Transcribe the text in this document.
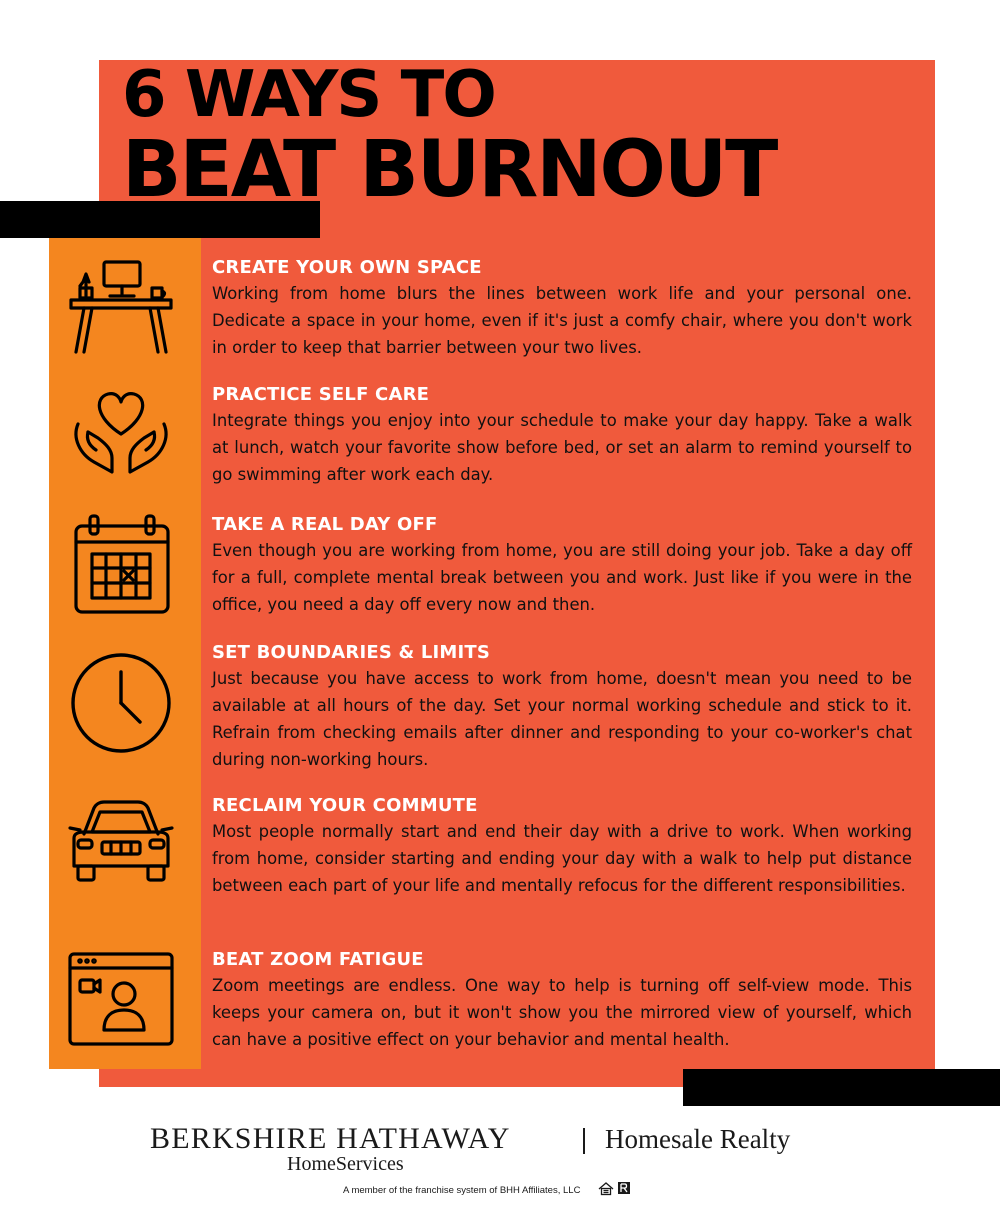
6 WAYS TO
BEAT BURNOUT
CREATE YOUR OWN SPACE

Working from home blurs the lines between work life and your personal one. Dedicate a space in your home, even if it's just a comfy chair, where you don't work in order to keep that barrier between your two lives.

PRACTICE SELF CARE

Integrate things you enjoy into your schedule to make your day happy. Take a walk at lunch, watch your favorite show before bed, or set an alarm to remind yourself to go swimming after work each day.

TAKE A REAL DAY OFF

Even though you are working from home, you are still doing your job. Take a day off for a full, complete mental break between you and work. Just like if you were in the office, you need a day off every now and then.

SET BOUNDARIES & LIMITS

Just because you have access to work from home, doesn't mean you need to be available at all hours of the day. Set your normal working schedule and stick to it. Refrain from checking emails after dinner and responding to your co-worker's chat during non-working hours.

RECLAIM YOUR COMMUTE

Most people normally start and end their day with a drive to work. When working from home, consider starting and ending your day with a walk to help put distance between each part of your life and mentally refocus for the different responsibilities.

BEAT ZOOM FATIGUE

Zoom meetings are endless. One way to help is turning off self-view mode. This keeps your camera on, but it won't show you the mirrored view of yourself, which can have a positive effect on your behavior and mental health.

BERKSHIRE HATHAWAY	Homesale Realty
HomeServices
A member of the franchise system of BHH Affiliates, LLC
